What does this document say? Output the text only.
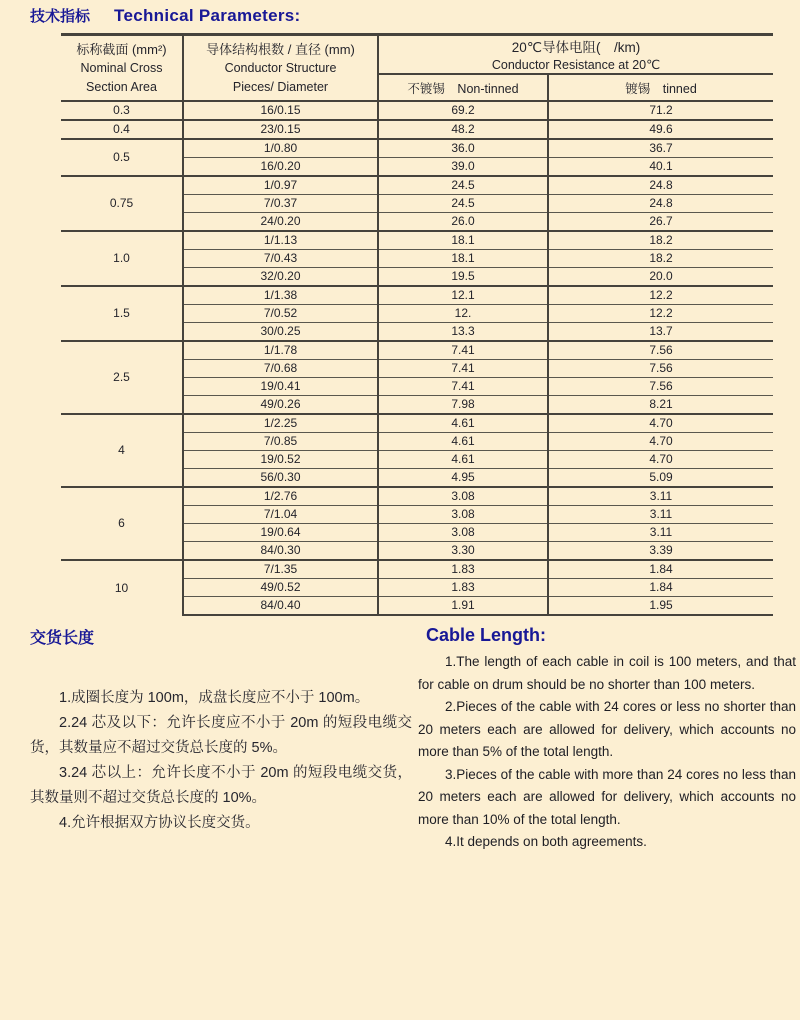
技术指标 Technical Parameters:
标称截面 (mm²)
Nominal Cross
Section Area

导体结构根数 / 直径 (mm)
Conductor Structure
Pieces/ Diameter

20℃导体电阻(　/km)
Conductor Resistance at 20℃

		不镀锡　Non-tinned	镀锡　tinned
0.3	16/0.15	69.2	71.2
0.4	23/0.15	48.2	49.6
0.5	1/0.80	36.0	36.7
	16/0.20	39.0	40.1
0.75	1/0.97	24.5	24.8
	7/0.37	24.5	24.8
	24/0.20	26.0	26.7
1.0	1/1.13	18.1	18.2
	7/0.43	18.1	18.2
	32/0.20	19.5	20.0
1.5	1/1.38	12.1	12.2
	7/0.52	12.	12.2
	30/0.25	13.3	13.7
2.5	1/1.78	7.41	7.56
	7/0.68	7.41	7.56
	19/0.41	7.41	7.56
	49/0.26	7.98	8.21
4	1/2.25	4.61	4.70
	7/0.85	4.61	4.70
	19/0.52	4.61	4.70
	56/0.30	4.95	5.09
6	1/2.76	3.08	3.11
	7/1.04	3.08	3.11
	19/0.64	3.08	3.11
	84/0.30	3.30	3.39
10	7/1.35	1.83	1.84
	49/0.52	1.83	1.84
	84/0.40	1.91	1.95
交货长度

1.成圈长度为 100m，成盘长度应不小于 100m。

2.24 芯及以下：允许长度应不小于 20m 的短段电缆交货，其数量应不超过交货总长度的 5%。

3.24 芯以上：允许长度不小于 20m 的短段电缆交货，其数量则不超过交货总长度的 10%。

4.允许根据双方协议长度交货。

Cable Length:

1.The length of each cable in coil is 100 meters, and that for cable on drum should be no shorter than 100 meters.

2.Pieces of the cable with 24 cores or less no shorter than 20 meters each are allowed for delivery, which accounts no more than 5% of the total length.

3.Pieces of the cable with more than 24 cores no less than 20 meters each are allowed for delivery, which accounts no more than 10% of the total length.

4.It depends on both agreements.
